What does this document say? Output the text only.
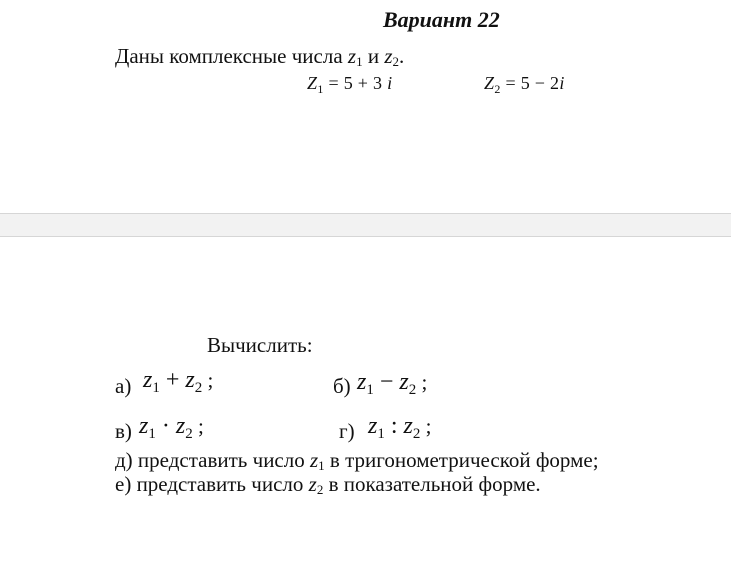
Вариант 22
Даны комплексные числа $z_1$ и $z_2$.
$Z_1 = 5 + 3$ i	$Z_2 = 5 - 2i$
Вычислить:
а) $z_1 + z_2$ ;	б) $z_1 - z_2$ ;
в) $z_1 \cdot z_2$ ;	г) $z_1$ : $z_2$ ;
д) представить число $z_1$ в тригонометрической форме;
е) представить число $z_2$ в показательной форме.
